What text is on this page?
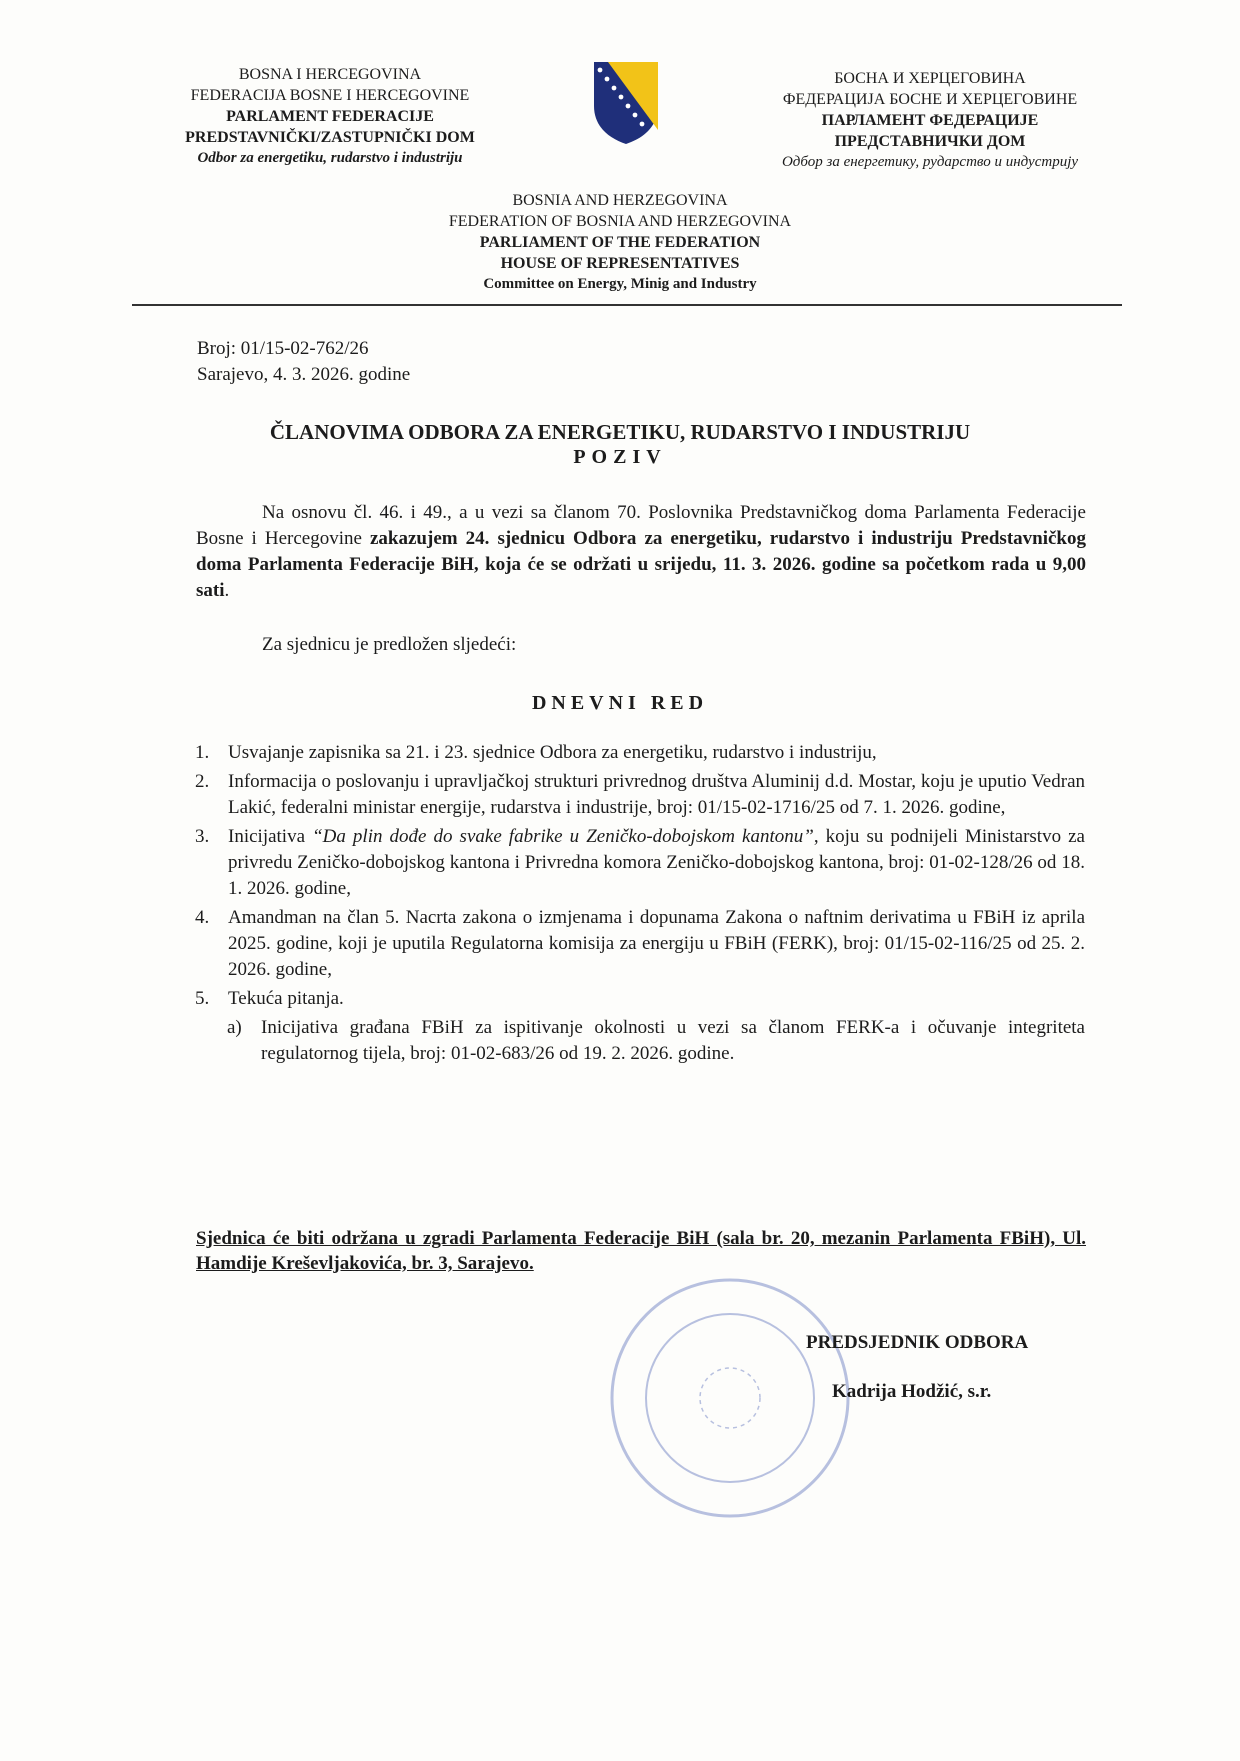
BOSNA I HERCEGOVINA
FEDERACIJA BOSNE I HERCEGOVINE
PARLAMENT FEDERACIJE
PREDSTAVNIČKI/ZASTUPNIČKI DOM
Odbor za energetiku, rudarstvo i industriju
БОСНА И ХЕРЦЕГОВИНА
ФЕДЕРАЦИЈА БОСНЕ И ХЕРЦЕГОВИНЕ
ПАРЛАМЕНТ ФЕДЕРАЦИЈЕ
ПРЕДСТАВНИЧКИ ДОМ
Одбор за енергетику, рударство и индустрију
BOSNIA AND HERZEGOVINA
FEDERATION OF BOSNIA AND HERZEGOVINA
PARLIAMENT OF THE FEDERATION
HOUSE OF REPRESENTATIVES
Committee on Energy, Minig and Industry
Broj: 01/15-02-762/26
Sarajevo, 4. 3. 2026. godine
ČLANOVIMA ODBORA ZA ENERGETIKU, RUDARSTVO I INDUSTRIJU
POZIV
Na osnovu čl. 46. i 49., a u vezi sa članom 70. Poslovnika Predstavničkog doma Parlamenta Federacije Bosne i Hercegovine zakazujem 24. sjednicu Odbora za energetiku, rudarstvo i industriju Predstavničkog doma Parlamenta Federacije BiH, koja će se održati u srijedu, 11. 3. 2026. godine sa početkom rada u 9,00 sati.
Za sjednicu je predložen sljedeći:
DNEVNI RED
1. Usvajanje zapisnika sa 21. i 23. sjednice Odbora za energetiku, rudarstvo i industriju,
2. Informacija o poslovanju i upravljačkoj strukturi privrednog društva Aluminij d.d. Mostar, koju je uputio Vedran Lakić, federalni ministar energije, rudarstva i industrije, broj: 01/15-02-1716/25 od 7. 1. 2026. godine,
3. Inicijativa “Da plin dođe do svake fabrike u Zeničko-dobojskom kantonu”, koju su podnijeli Ministarstvo za privredu Zeničko-dobojskog kantona i Privredna komora Zeničko-dobojskog kantona, broj: 01-02-128/26 od 18. 1. 2026. godine,
4. Amandman na član 5. Nacrta zakona o izmjenama i dopunama Zakona o naftnim derivatima u FBiH iz aprila 2025. godine, koji je uputila Regulatorna komisija za energiju u FBiH (FERK), broj: 01/15-02-116/25 od 25. 2. 2026. godine,
5. Tekuća pitanja.
a) Inicijativa građana FBiH za ispitivanje okolnosti u vezi sa članom FERK-a i očuvanje integriteta regulatornog tijela, broj: 01-02-683/26 od 19. 2. 2026. godine.
Sjednica će biti održana u zgradi Parlamenta Federacije BiH (sala br. 20, mezanin Parlamenta FBiH), Ul. Hamdije Kreševljakovića, br. 3, Sarajevo.
PREDSJEDNIK ODBORA
Kadrija Hodžić, s.r.
